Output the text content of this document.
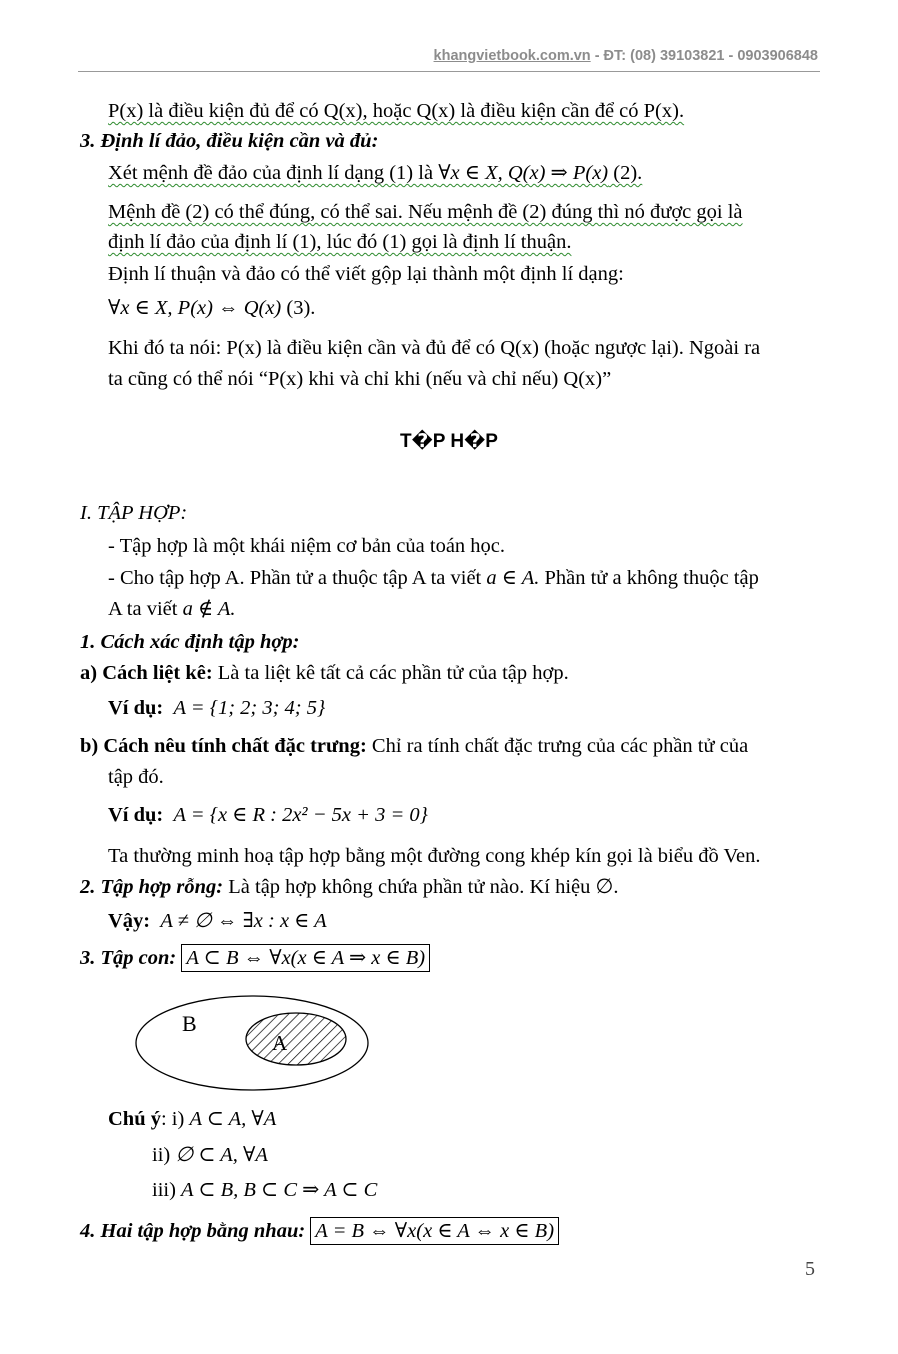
khangvietbook.com.vn - ĐT: (08) 39103821 - 0903906848
P(x) là điều kiện đủ để có Q(x), hoặc Q(x) là điều kiện cần để có P(x).
3. Định lí đảo, điều kiện cần và đủ:
Xét mệnh đề đảo của định lí dạng (1) là ∀x ∈ X, Q(x) ⇒ P(x) (2).
Mệnh đề (2) có thể đúng, có thể sai. Nếu mệnh đề (2) đúng thì nó được gọi là
định lí đảo của định lí (1), lúc đó (1) gọi là định lí thuận.
Định lí thuận và đảo có thể viết gộp lại thành một định lí dạng:
∀x ∈ X, P(x) ⇔ Q(x) (3).
Khi đó ta nói: P(x) là điều kiện cần và đủ để có Q(x) (hoặc ngược lại). Ngoài ra
ta cũng có thể nói “P(x) khi và chỉ khi (nếu và chỉ nếu) Q(x)”
T�P H�P
I. TẬP HỢP:
- Tập hợp là một khái niệm cơ bản của toán học.
- Cho tập hợp A. Phần tử a thuộc tập A ta viết a ∈ A. Phần tử a không thuộc tập
A ta viết a ∉ A.
1. Cách xác định tập hợp:
a) Cách liệt kê: Là ta liệt kê tất cả các phần tử của tập hợp.
Ví dụ: A = {1; 2; 3; 4; 5}
b) Cách nêu tính chất đặc trưng: Chỉ ra tính chất đặc trưng của các phần tử của
tập đó.
Ví dụ: A = {x ∈ R : 2x² − 5x + 3 = 0}
Ta thường minh hoạ tập hợp bằng một đường cong khép kín gọi là biểu đồ Ven.
2. Tập hợp rỗng: Là tập hợp không chứa phần tử nào. Kí hiệu ∅.
Vậy: A ≠ ∅ ⇔ ∃x : x ∈ A
3. Tập con: A ⊂ B ⇔ ∀x(x ∈ A ⇒ x ∈ B)
B
A
Chú ý: i) A ⊂ A, ∀A
ii) ∅ ⊂ A, ∀A
iii) A ⊂ B, B ⊂ C ⇒ A ⊂ C
4. Hai tập hợp bằng nhau: A = B ⇔ ∀x(x ∈ A ⇔ x ∈ B)
5
